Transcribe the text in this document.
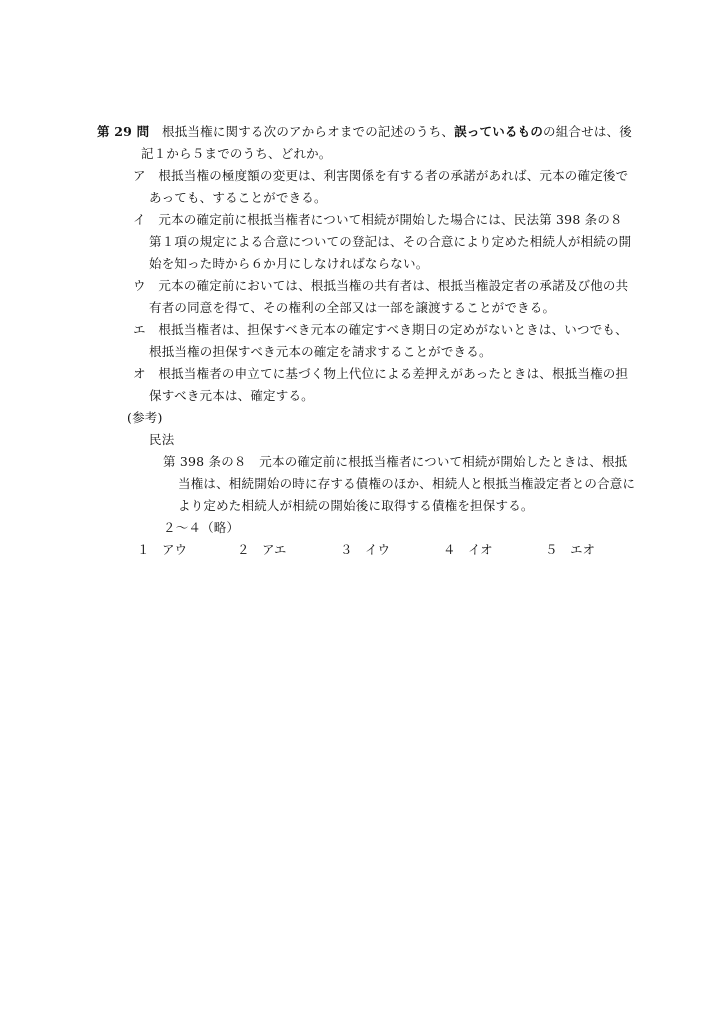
第 29 問　 根抵当権に関する次のアからオまでの記述のうち、誤っているものの組合せは、後
記１から５までのうち、どれか。
ア　根抵当権の極度額の変更は、利害関係を有する者の承諾があれば、元本の確定後で
あっても、することができる。
イ　元本の確定前に根抵当権者について相続が開始した場合には、民法第 398 条の８
第１項の規定による合意についての登記は、その合意により定めた相続人が相続の開
始を知った時から６か月にしなければならない。
ウ　元本の確定前においては、根抵当権の共有者は、根抵当権設定者の承諾及び他の共
有者の同意を得て、その権利の全部又は一部を譲渡することができる。
エ　根抵当権者は、担保すべき元本の確定すべき期日の定めがないときは、いつでも、
根抵当権の担保すべき元本の確定を請求することができる。
オ　根抵当権者の申立てに基づく物上代位による差押えがあったときは、根抵当権の担
保すべき元本は、確定する。
(参考)
民法
第 398 条の８　元本の確定前に根抵当権者について相続が開始したときは、根抵
当権は、相続開始の時に存する債権のほか、相続人と根抵当権設定者との合意に
より定めた相続人が相続の開始後に取得する債権を担保する。
２～４（略）
１　 アウ	２　 アエ	３　 イウ	４　 イオ	５　 エオ
